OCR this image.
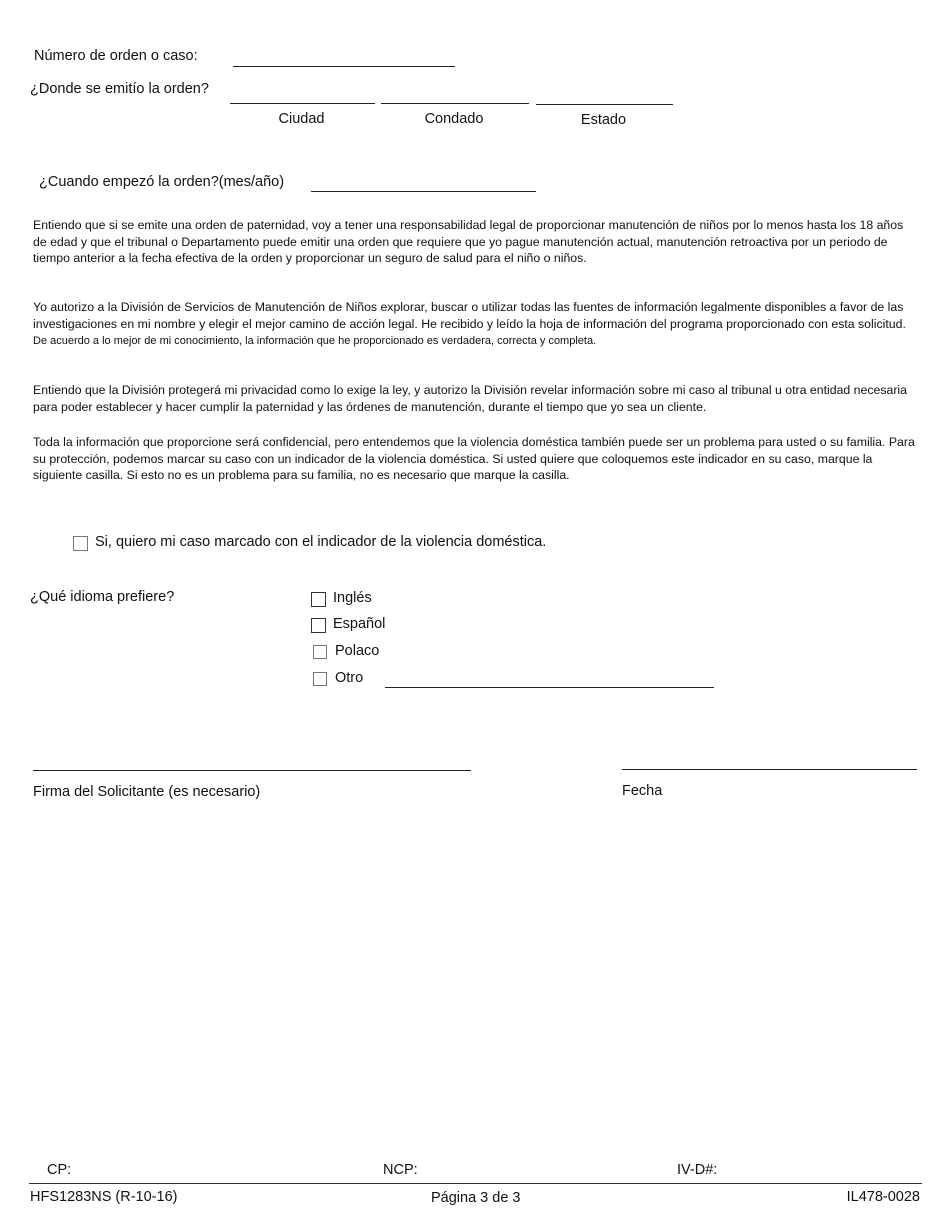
Número de orden o caso:
¿Donde se emitío la orden?
Ciudad	Condado	Estado
¿Cuando empezó la orden?(mes/año)

Entiendo que si se emite una orden de paternidad, voy a tener una responsabilidad legal de proporcionar manutención de niños por lo menos hasta los 18 años de edad y que el tribunal o Departamento puede emitir una orden que requiere que yo pague manutención actual, manutención retroactiva por un periodo de tiempo anterior a la fecha efectiva de la orden y proporcionar un seguro de salud para el niño o niños.

Yo autorizo a la División de Servicios de Manutención de Niños explorar, buscar o utilizar todas las fuentes de información legalmente disponibles a favor de las investigaciones en mi nombre y elegir el mejor camino de acción legal. He recibido y leído la hoja de información del programa proporcionado con esta solicitud. De acuerdo a lo mejor de mi conocimiento, la información que he proporcionado es verdadera, correcta y completa.

Entiendo que la División protegerá mi privacidad como lo exige la ley, y autorizo la División revelar información sobre mi caso al tribunal u otra entidad necesaria para poder establecer y hacer cumplir la paternidad y las órdenes de manutención, durante el tiempo que yo sea un cliente.

Toda la información que proporcione será confidencial, pero entendemos que la violencia doméstica también puede ser un problema para usted o su familia. Para su protección, podemos marcar su caso con un indicador de la violencia doméstica. Si usted quiere que coloquemos este indicador en su caso, marque la siguiente casilla. Si esto no es un problema para su familia, no es necesario que marque la casilla.

Si, quiero mi caso marcado con el indicador de la violencia doméstica.
¿Qué idioma prefiere?	Inglés
Español
Polaco
Otro
Firma del Solicitante (es necesario)	Fecha
CP:	NCP:	IV-D#:
HFS1283NS (R-10-16)	Página 3 de 3	IL478-0028
